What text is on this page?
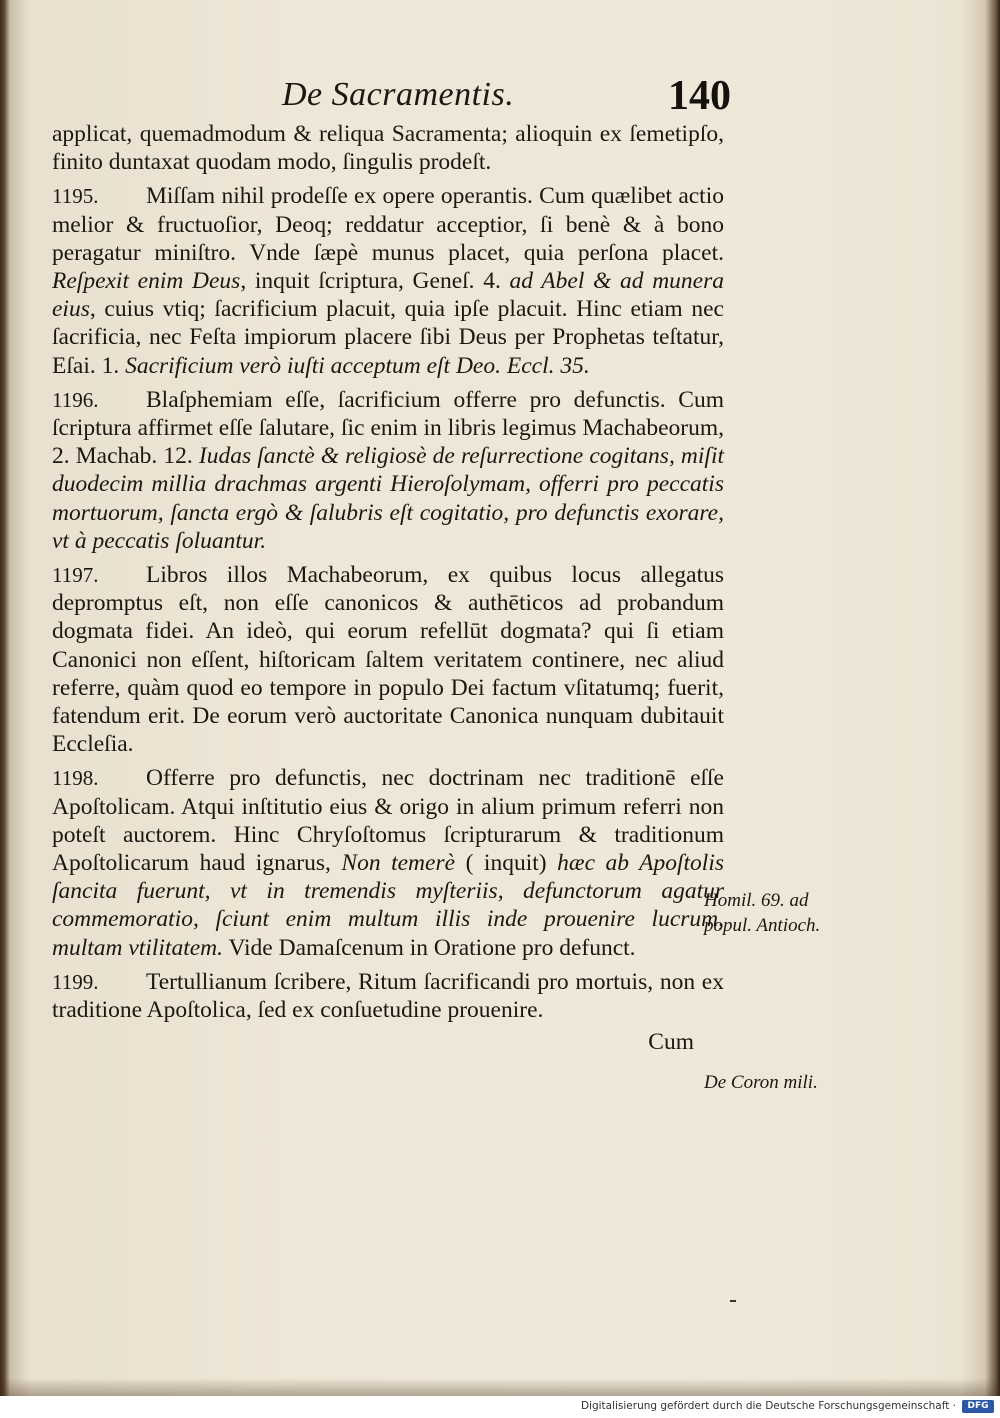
De Sacramentis.	140

applicat, quemadmodum & reliqua Sacramenta; alioquin ex ſemetipſo, finito duntaxat quodam modo, ſingulis prodeſt.

1195. Miſſam nihil prodeſſe ex opere operantis. Cum quælibet actio melior & fructuoſior, Deoq; reddatur acceptior, ſi benè & à bono peragatur miniſtro. Vnde ſæpè munus placet, quia perſona placet. Reſpexit enim Deus, inquit ſcriptura, Geneſ. 4. ad Abel & ad munera eius, cuius vtiq; ſacrificium placuit, quia ipſe placuit. Hinc etiam nec ſacrificia, nec Feſta impiorum placere ſibi Deus per Prophetas teſtatur, Eſai. 1. Sacrificium verò iuſti acceptum eſt Deo. Eccl. 35.

1196. Blaſphemiam eſſe, ſacrificium offerre pro defunctis. Cum ſcriptura affirmet eſſe ſalutare, ſic enim in libris legimus Machabeorum, 2. Machab. 12. Iudas ſanctè & religiosè de reſurrectione cogitans, miſit duodecim millia drachmas argenti Hieroſolymam, offerri pro peccatis mortuorum, ſancta ergò & ſalubris eſt cogitatio, pro defunctis exorare, vt à peccatis ſoluantur.

1197. Libros illos Machabeorum, ex quibus locus allegatus depromptus eſt, non eſſe canonicos & authēticos ad probandum dogmata fidei. An ideò, qui eorum refellūt dogmata? qui ſi etiam Canonici non eſſent, hiſtoricam ſaltem veritatem continere, nec aliud referre, quàm quod eo tempore in populo Dei factum vſitatumq; fuerit, fatendum erit. De eorum verò auctoritate Canonica nunquam dubitauit Eccleſia.

1198. Offerre pro defunctis, nec doctrinam nec traditionē eſſe Apoſtolicam. Atqui inſtitutio eius & origo in alium primum referri non poteſt auctorem. Hinc Chryſoſtomus ſcripturarum & traditionum Apoſtolicarum haud ignarus, Non temerè ( inquit) hæc ab Apoſtolis ſancita fuerunt, vt in tremendis myſteriis, defunctorum agatur commemoratio, ſciunt enim multum illis inde prouenire lucrum, multam vtilitatem. Vide Damaſcenum in Oratione pro defunct.

1199. Tertullianum ſcribere, Ritum ſacrificandi pro mortuis, non ex traditione Apoſtolica, ſed ex conſuetudine prouenire.

Cum
Homil. 69. ad
popul. Antioch.
De Coron mili.
Digitalisierung gefördert durch die Deutsche Forschungsgemeinschaft ·	DFG
